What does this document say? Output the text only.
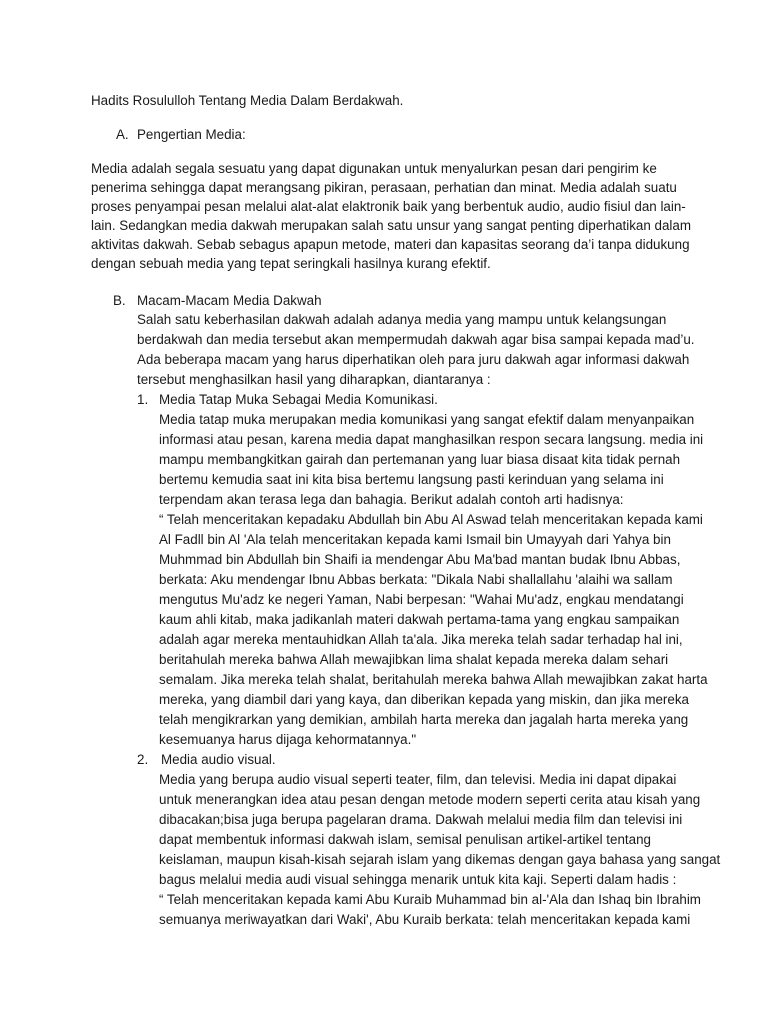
Hadits Rosululloh Tentang Media Dalam Berdakwah.

A. Pengertian Media:

Media adalah segala sesuatu yang dapat digunakan untuk menyalurkan pesan dari pengirim ke

penerima sehingga dapat merangsang pikiran, perasaan, perhatian dan minat. Media adalah suatu

proses penyampai pesan melalui alat-alat elaktronik baik yang berbentuk audio, audio fisiul dan lain-

lain. Sedangkan media dakwah merupakan salah satu unsur yang sangat penting diperhatikan dalam

aktivitas dakwah. Sebab sebagus apapun metode, materi dan kapasitas seorang da’i tanpa didukung

dengan sebuah media yang tepat seringkali hasilnya kurang efektif.

B. Macam-Macam Media Dakwah

Salah satu keberhasilan dakwah adalah adanya media yang mampu untuk kelangsungan

berdakwah dan media tersebut akan mempermudah dakwah agar bisa sampai kepada mad’u.

Ada beberapa macam yang harus diperhatikan oleh para juru dakwah agar informasi dakwah

tersebut menghasilkan hasil yang diharapkan, diantaranya :

1. Media Tatap Muka Sebagai Media Komunikasi.

Media tatap muka merupakan media komunikasi yang sangat efektif dalam menyanpaikan

informasi atau pesan, karena media dapat manghasilkan respon secara langsung. media ini

mampu membangkitkan gairah dan pertemanan yang luar biasa disaat kita tidak pernah

bertemu kemudia saat ini kita bisa bertemu langsung pasti kerinduan yang selama ini

terpendam akan terasa lega dan bahagia. Berikut adalah contoh arti hadisnya:

“ Telah menceritakan kepadaku Abdullah bin Abu Al Aswad telah menceritakan kepada kami

Al Fadll bin Al 'Ala telah menceritakan kepada kami Ismail bin Umayyah dari Yahya bin

Muhmmad bin Abdullah bin Shaifi ia mendengar Abu Ma'bad mantan budak Ibnu Abbas,

berkata: Aku mendengar Ibnu Abbas berkata: "Dikala Nabi shallallahu 'alaihi wa sallam

mengutus Mu'adz ke negeri Yaman, Nabi berpesan: "Wahai Mu'adz, engkau mendatangi

kaum ahli kitab, maka jadikanlah materi dakwah pertama-tama yang engkau sampaikan

adalah agar mereka mentauhidkan Allah ta'ala. Jika mereka telah sadar terhadap hal ini,

beritahulah mereka bahwa Allah mewajibkan lima shalat kepada mereka dalam sehari

semalam. Jika mereka telah shalat, beritahulah mereka bahwa Allah mewajibkan zakat harta

mereka, yang diambil dari yang kaya, dan diberikan kepada yang miskin, dan jika mereka

telah mengikrarkan yang demikian, ambilah harta mereka dan jagalah harta mereka yang

kesemuanya harus dijaga kehormatannya."

2. Media audio visual.

Media yang berupa audio visual seperti teater, film, dan televisi. Media ini dapat dipakai

untuk menerangkan idea atau pesan dengan metode modern seperti cerita atau kisah yang

dibacakan;bisa juga berupa pagelaran drama. Dakwah melalui media film dan televisi ini

dapat membentuk informasi dakwah islam, semisal penulisan artikel-artikel tentang

keislaman, maupun kisah-kisah sejarah islam yang dikemas dengan gaya bahasa yang sangat

bagus melalui media audi visual sehingga menarik untuk kita kaji. Seperti dalam hadis :

“ Telah menceritakan kepada kami Abu Kuraib Muhammad bin al-'Ala dan Ishaq bin Ibrahim

semuanya meriwayatkan dari Waki', Abu Kuraib berkata: telah menceritakan kepada kami
